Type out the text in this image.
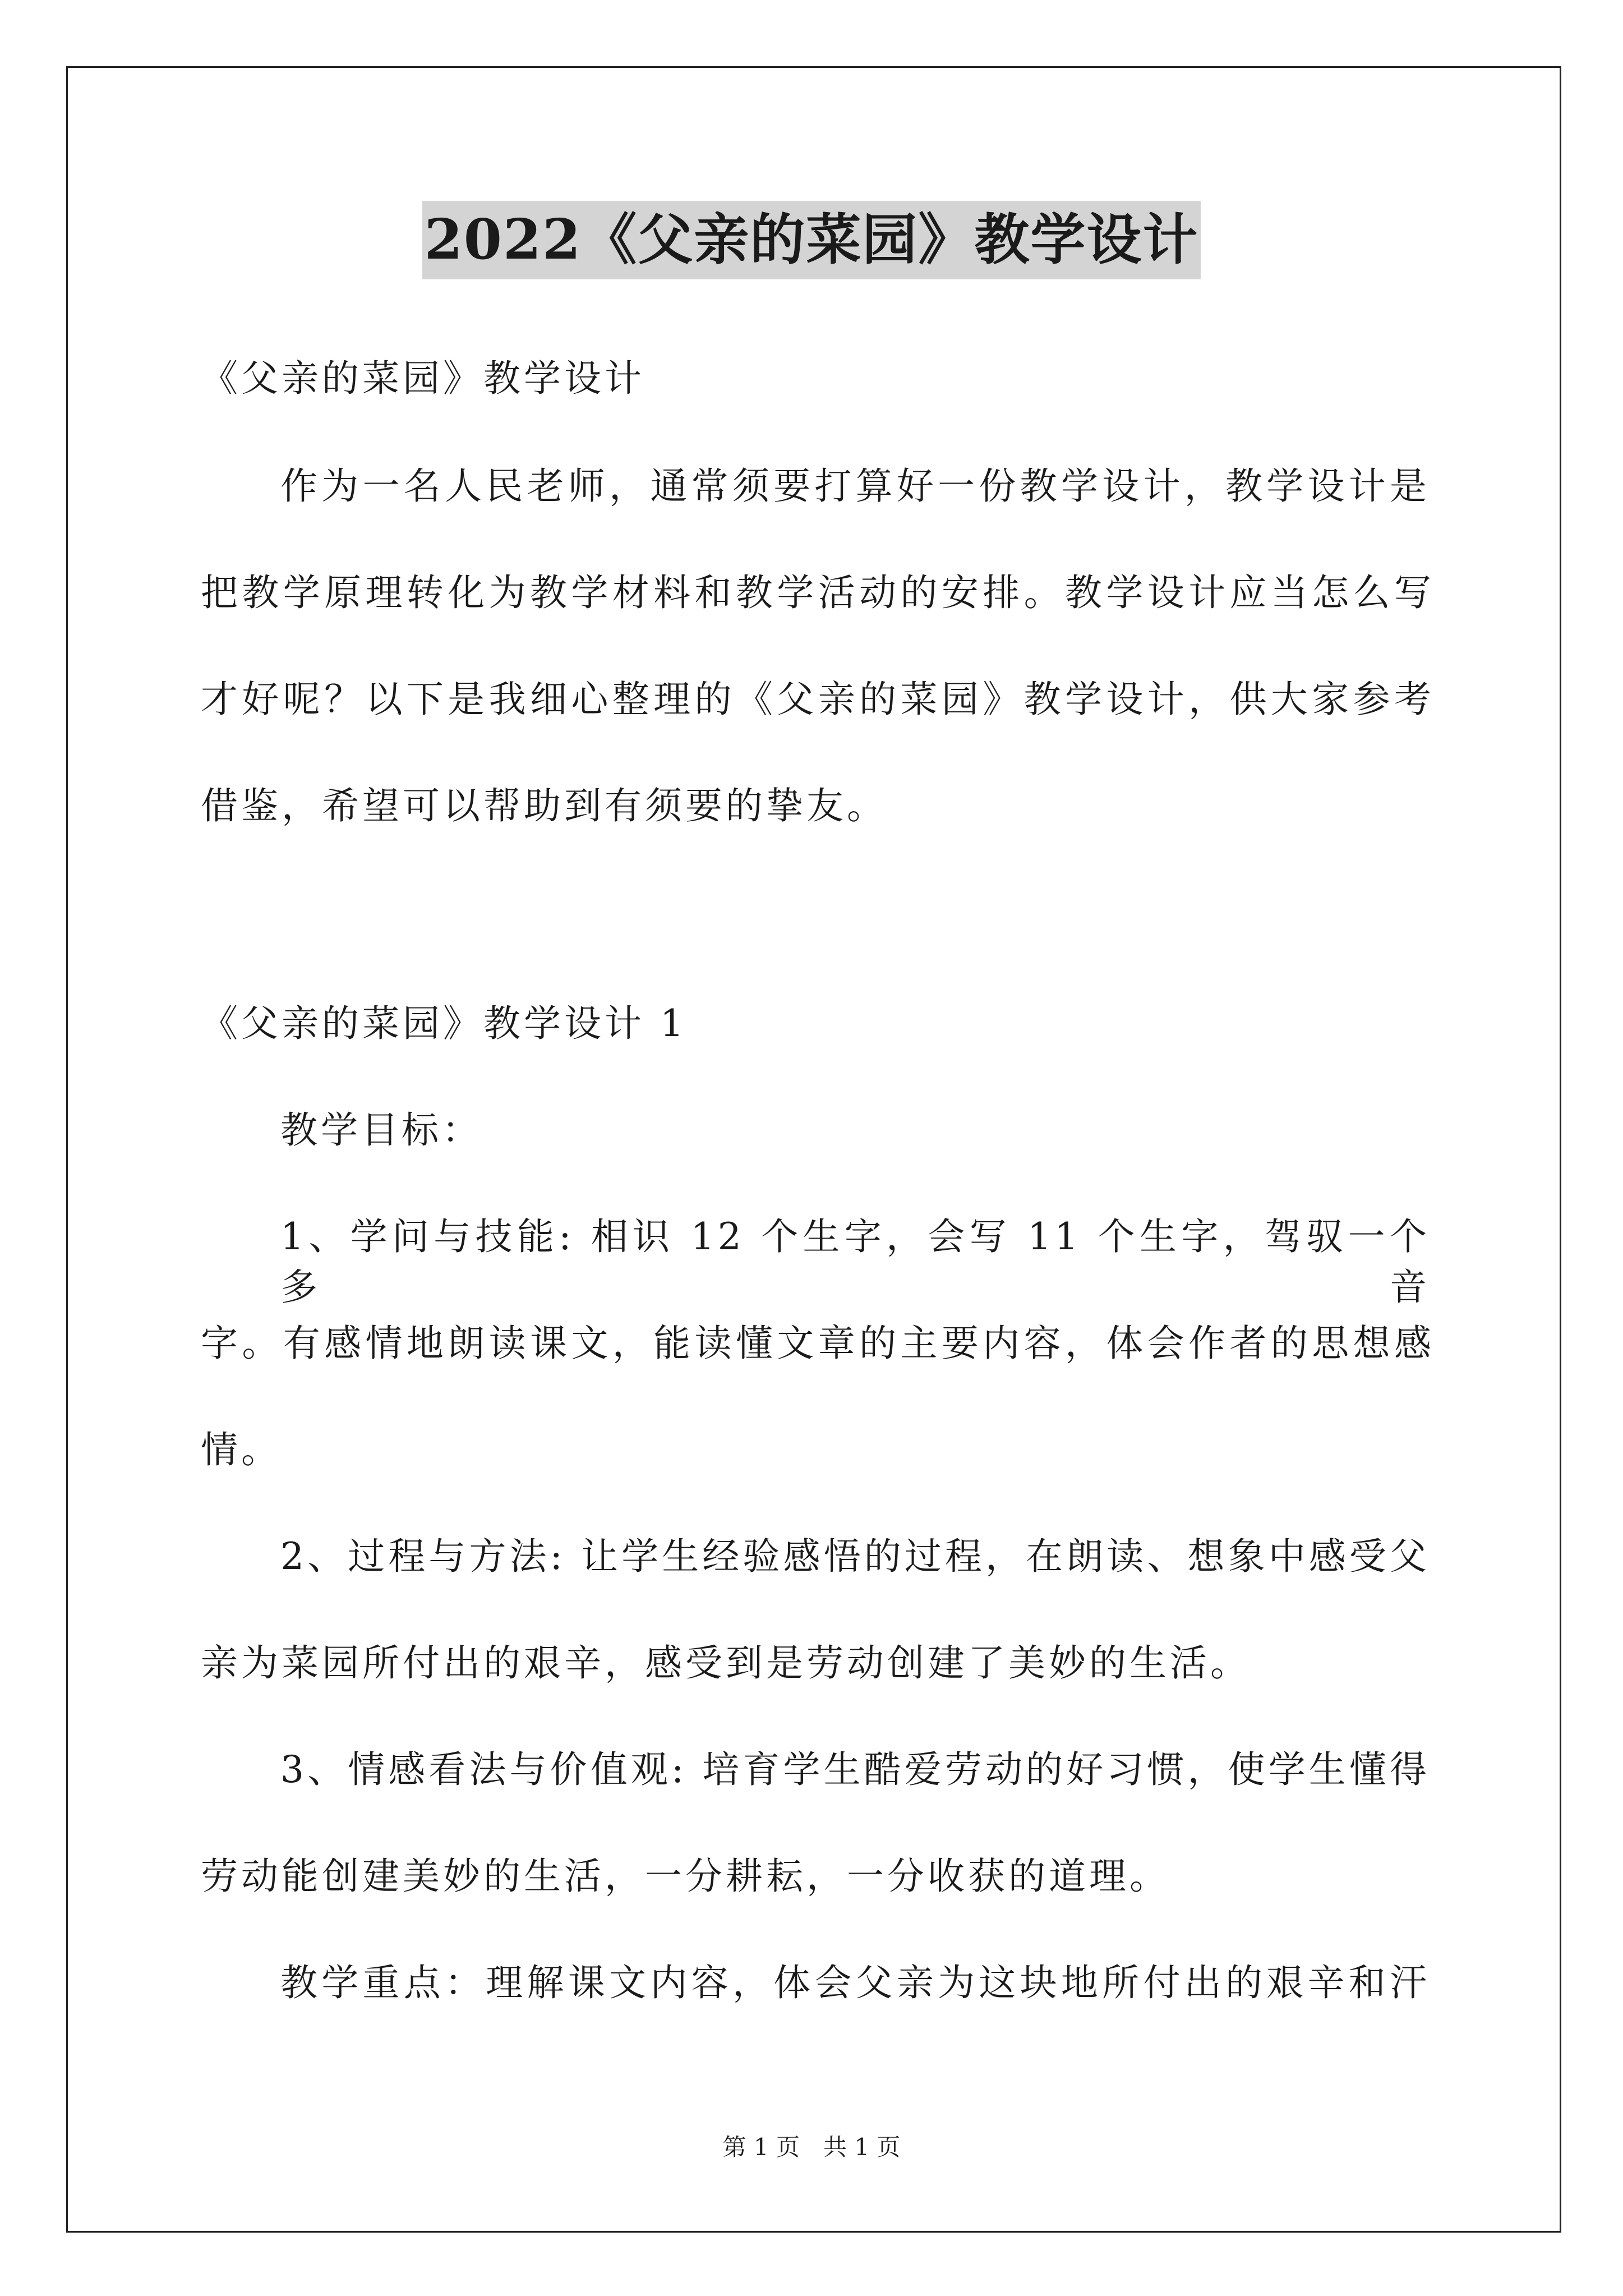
2022《父亲的菜园》教学设计
《父亲的菜园》教学设计
作为一名人民老师，通常须要打算好一份教学设计，教学设计是
把教学原理转化为教学材料和教学活动的安排。教学设计应当怎么写
才好呢？以下是我细心整理的《父亲的菜园》教学设计，供大家参考
借鉴，希望可以帮助到有须要的挚友。
《父亲的菜园》教学设计 1
教学目标：
1、学问与技能: 相识 12 个生字，会写 11 个生字，驾驭一个多音
字。有感情地朗读课文，能读懂文章的主要内容，体会作者的思想感
情。
2、过程与方法: 让学生经验感悟的过程，在朗读、想象中感受父
亲为菜园所付出的艰辛，感受到是劳动创建了美妙的生活。
3、情感看法与价值观: 培育学生酷爱劳动的好习惯，使学生懂得
劳动能创建美妙的生活，一分耕耘，一分收获的道理。
教学重点：理解课文内容，体会父亲为这块地所付出的艰辛和汗
第 1 页　共 1 页
